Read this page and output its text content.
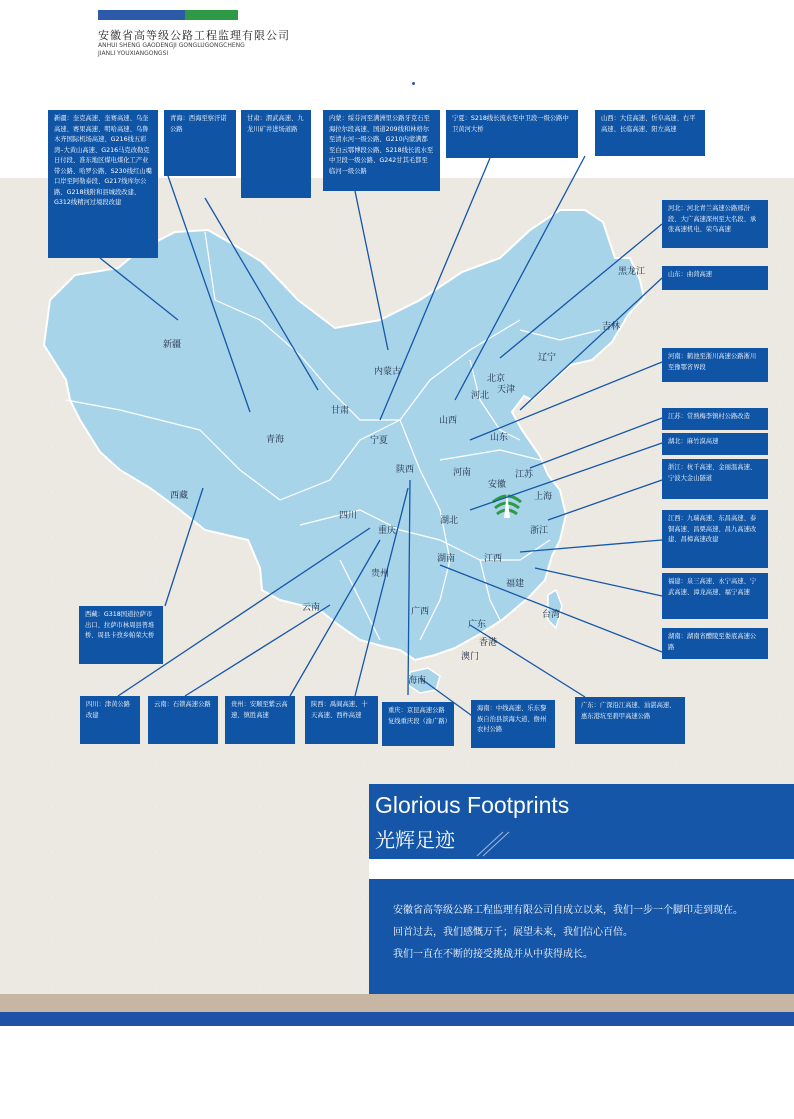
安徽省高等级公路工程监理有限公司
ANHUI SHENG GAODENGJI GONGLUGONGCHENG
JIANLI YOUXIANGONGSI
新疆
西藏
青海
甘肃
内蒙古
宁夏
四川
重庆
贵州
云南
陕西
山西
河北
北京
天津
辽宁
吉林
黑龙江
山东
河南
湖北
安徽
江苏
上海
浙江
江西
湖南
福建
广西
广东
香港
澳门
台湾
海南
新疆：奎克高速、奎赛高速、乌奎高速、赛果高速、明哈高速、乌鲁木齐国际机场高速、G216线五彩湾–大黄山高速、G216马克改勒克日付段、准东地区煤电煤化工产业带公路、哈罗公路、S230线红山嘴口岸至阿勒泰段、G217线库尔公路、G218线附和县城段改建、G312线精河过境段改建
青海：西海至察汗诺公路
甘肃：渭武高速、九龙川矿井进场道路
内蒙：绥芬河至满洲里公路牙克石至海拉尔段高速、国道209线和林格尔至清水河一级公路、G210内蒙满都至白云鄂博段公路、S218线长流水至中卫段一级公路、G242甘其毛都至临河一级公路
宁夏：S218线长流水至中卫段一级公路中卫黄河大桥
山西：大佳高速、忻阜高速、右平高速、长临高速、阳左高速
河北：河北青兰高速公路邢汾段、大广高速深州至大名段、承张高速机电、荣乌高速
山东：曲菏高速
河南：鹤池至浙川高速公路淅川至豫鄂省界段
江苏：常熟梅李镇村公路改造
湖北：麻竹漠高速
浙江：杭千高速、金丽温高速、宁波大金山隧道
江西：九瑞高速、东昌高速、泰铜高速、昌栗高速、昌九高速改建、昌樟高速改建
福建：泉三高速、永宁高速、宁武高速、漳龙高速、福宁高速
湖南：湖南省醴陵至娄底高速公路
广东：广深沿江高速、汕湛高速、惠东港坑至碧甲高速公路
海南：中线高速、乐东黎族自治县滨海大道、儋州农村公路
重庆：京昆高速公路复线重庆段（渝广路）
陕西：禹阎高速、十天高速、西柞高速
贵州：安顺至紫云高速、镇胜高速
云南：石锁高速公路
四川：津黄公路改建
西藏：G318国道拉萨市出口、拉萨市林周县普堆桥、周县卡孜乡帕荣大桥
Glorious Footprints
光辉足迹
安徽省高等级公路工程监理有限公司自成立以来，我们一步一个脚印走到现在。
回首过去，我们感慨万千；展望未来，我们信心百倍。
我们一直在不断的接受挑战并从中获得成长。
